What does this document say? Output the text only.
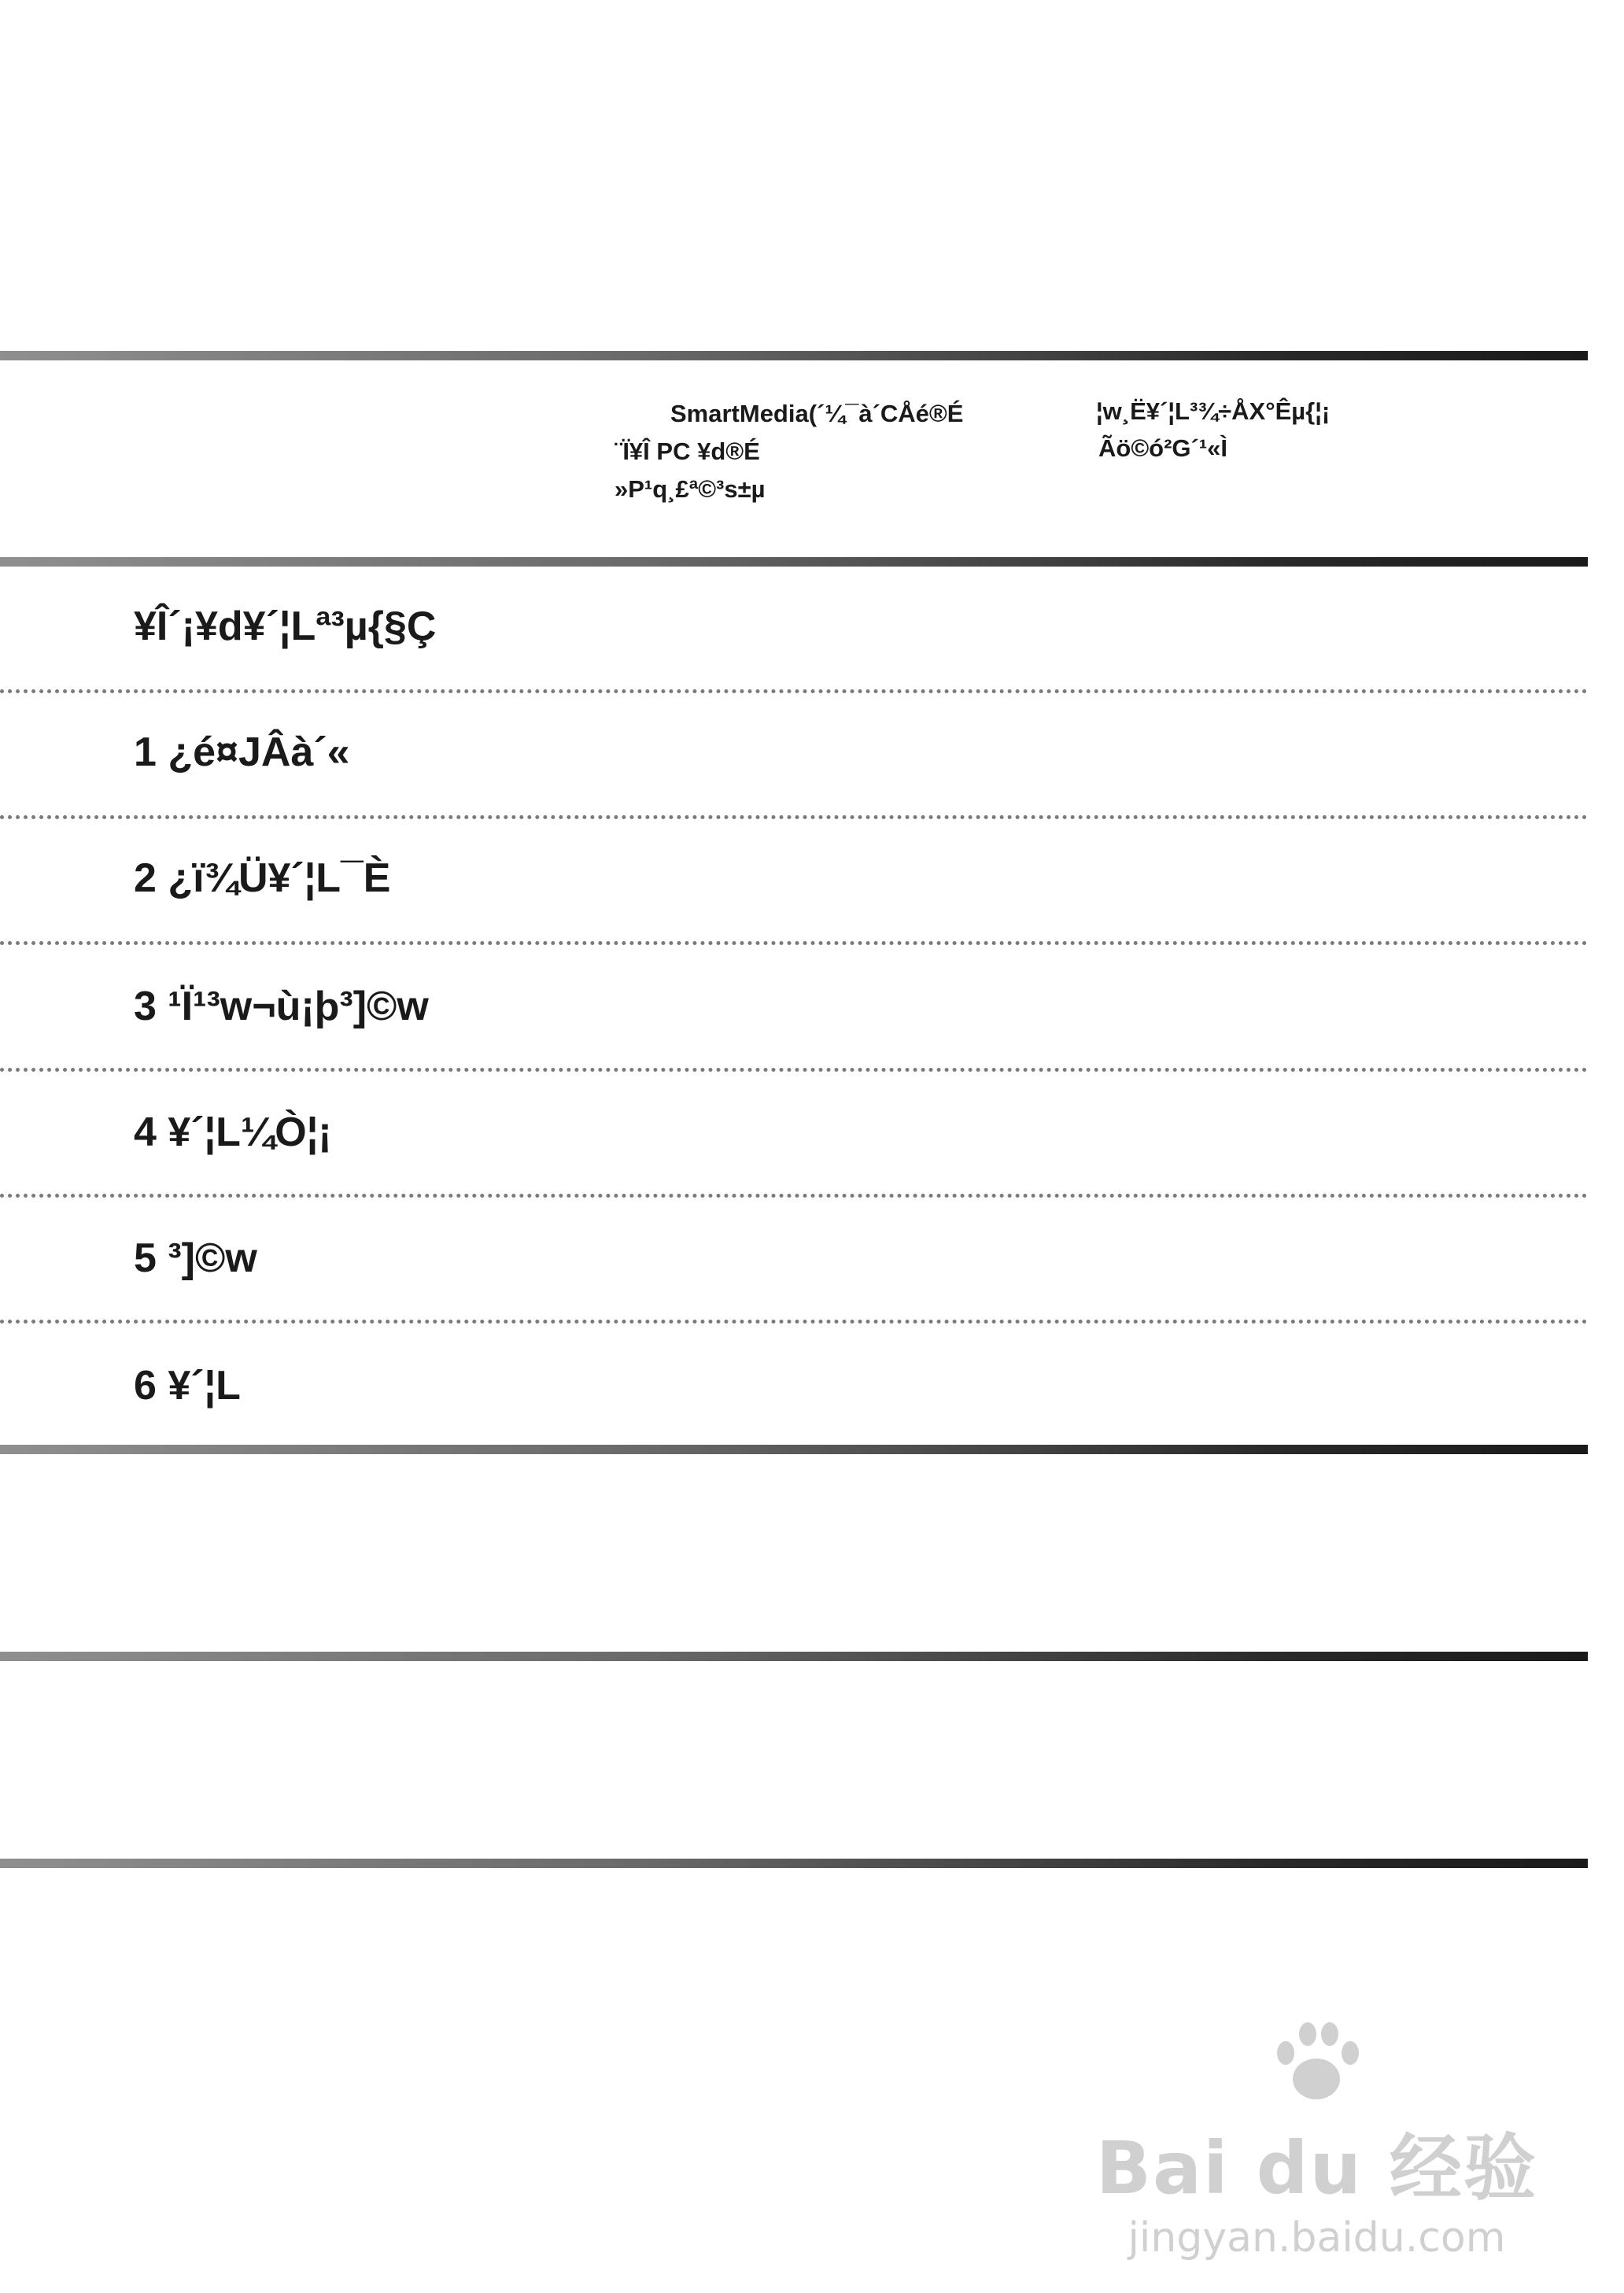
SmartMedia(´¼¯à´CÅé®É
¨Ï¥Î PC ¥d®É
»P¹q¸£ª©³s±µ
¦w¸Ë¥´¦L³¾÷ÅX°Êµ{¦¡
Ãö©ó²G´¹«Ì
¥Î´¡¥d¥´¦Lª³µ{§Ç
1 ¿é¤JÂà´«
2 ¿ï¾Ü¥´¦L¯È
3 ¹Ï¹³w¬ù¡þ³]©w
4 ¥´¦L¼Ò¦¡
5 ³]©w
6 ¥´¦L

Bai du 经验
jingyan.baidu.com
